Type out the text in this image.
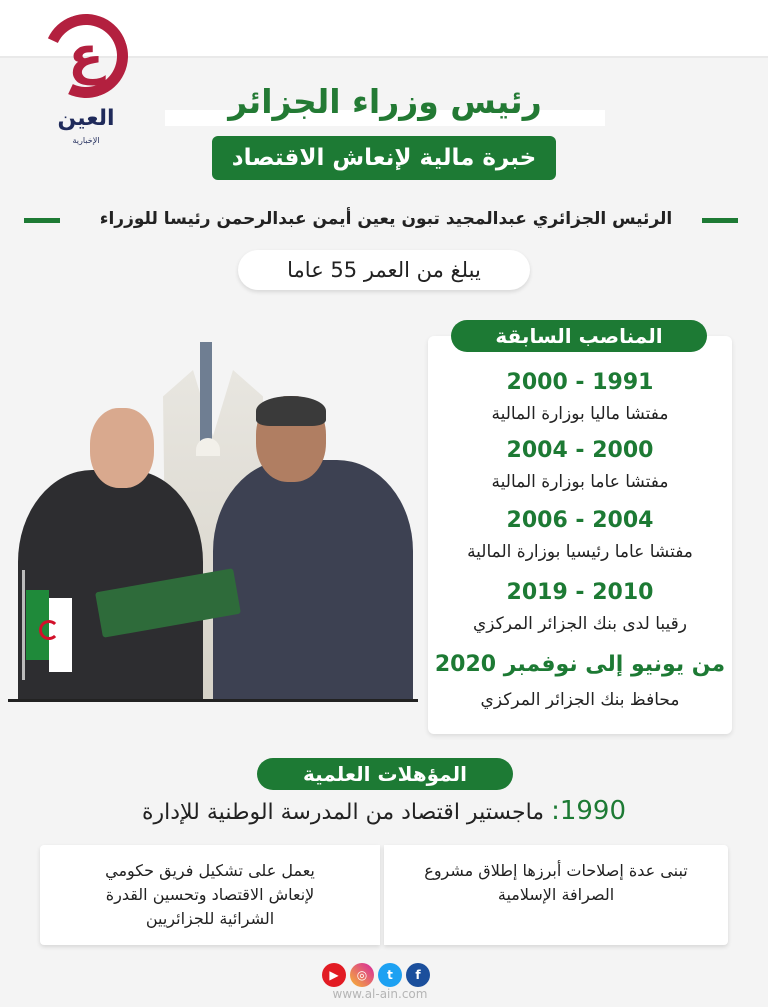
ع
العين
الإخبارية
رئيس وزراء الجزائر
خبرة مالية لإنعاش الاقتصاد
الرئيس الجزائري عبدالمجيد تبون يعين أيمن عبدالرحمن رئيسا للوزراء
يبلغ من العمر 55 عاما
المناصب السابقة
2000 - 1991
مفتشا ماليا بوزارة المالية
2004 - 2000
مفتشا عاما بوزارة المالية
2006 - 2004
مفتشا عاما رئيسيا بوزارة المالية
2019 - 2010
رقيبا لدى بنك الجزائر المركزي
من يونيو إلى نوفمبر 2020
محافظ بنك الجزائر المركزي
المؤهلات العلمية
1990: ماجستير اقتصاد من المدرسة الوطنية للإدارة

تبنى عدة إصلاحات أبرزها إطلاق مشروع الصرافة الإسلامية

يعمل على تشكيل فريق حكومي لإنعاش الاقتصاد وتحسين القدرة الشرائية للجزائريين

▶	◎	t	f
www.al-ain.com
